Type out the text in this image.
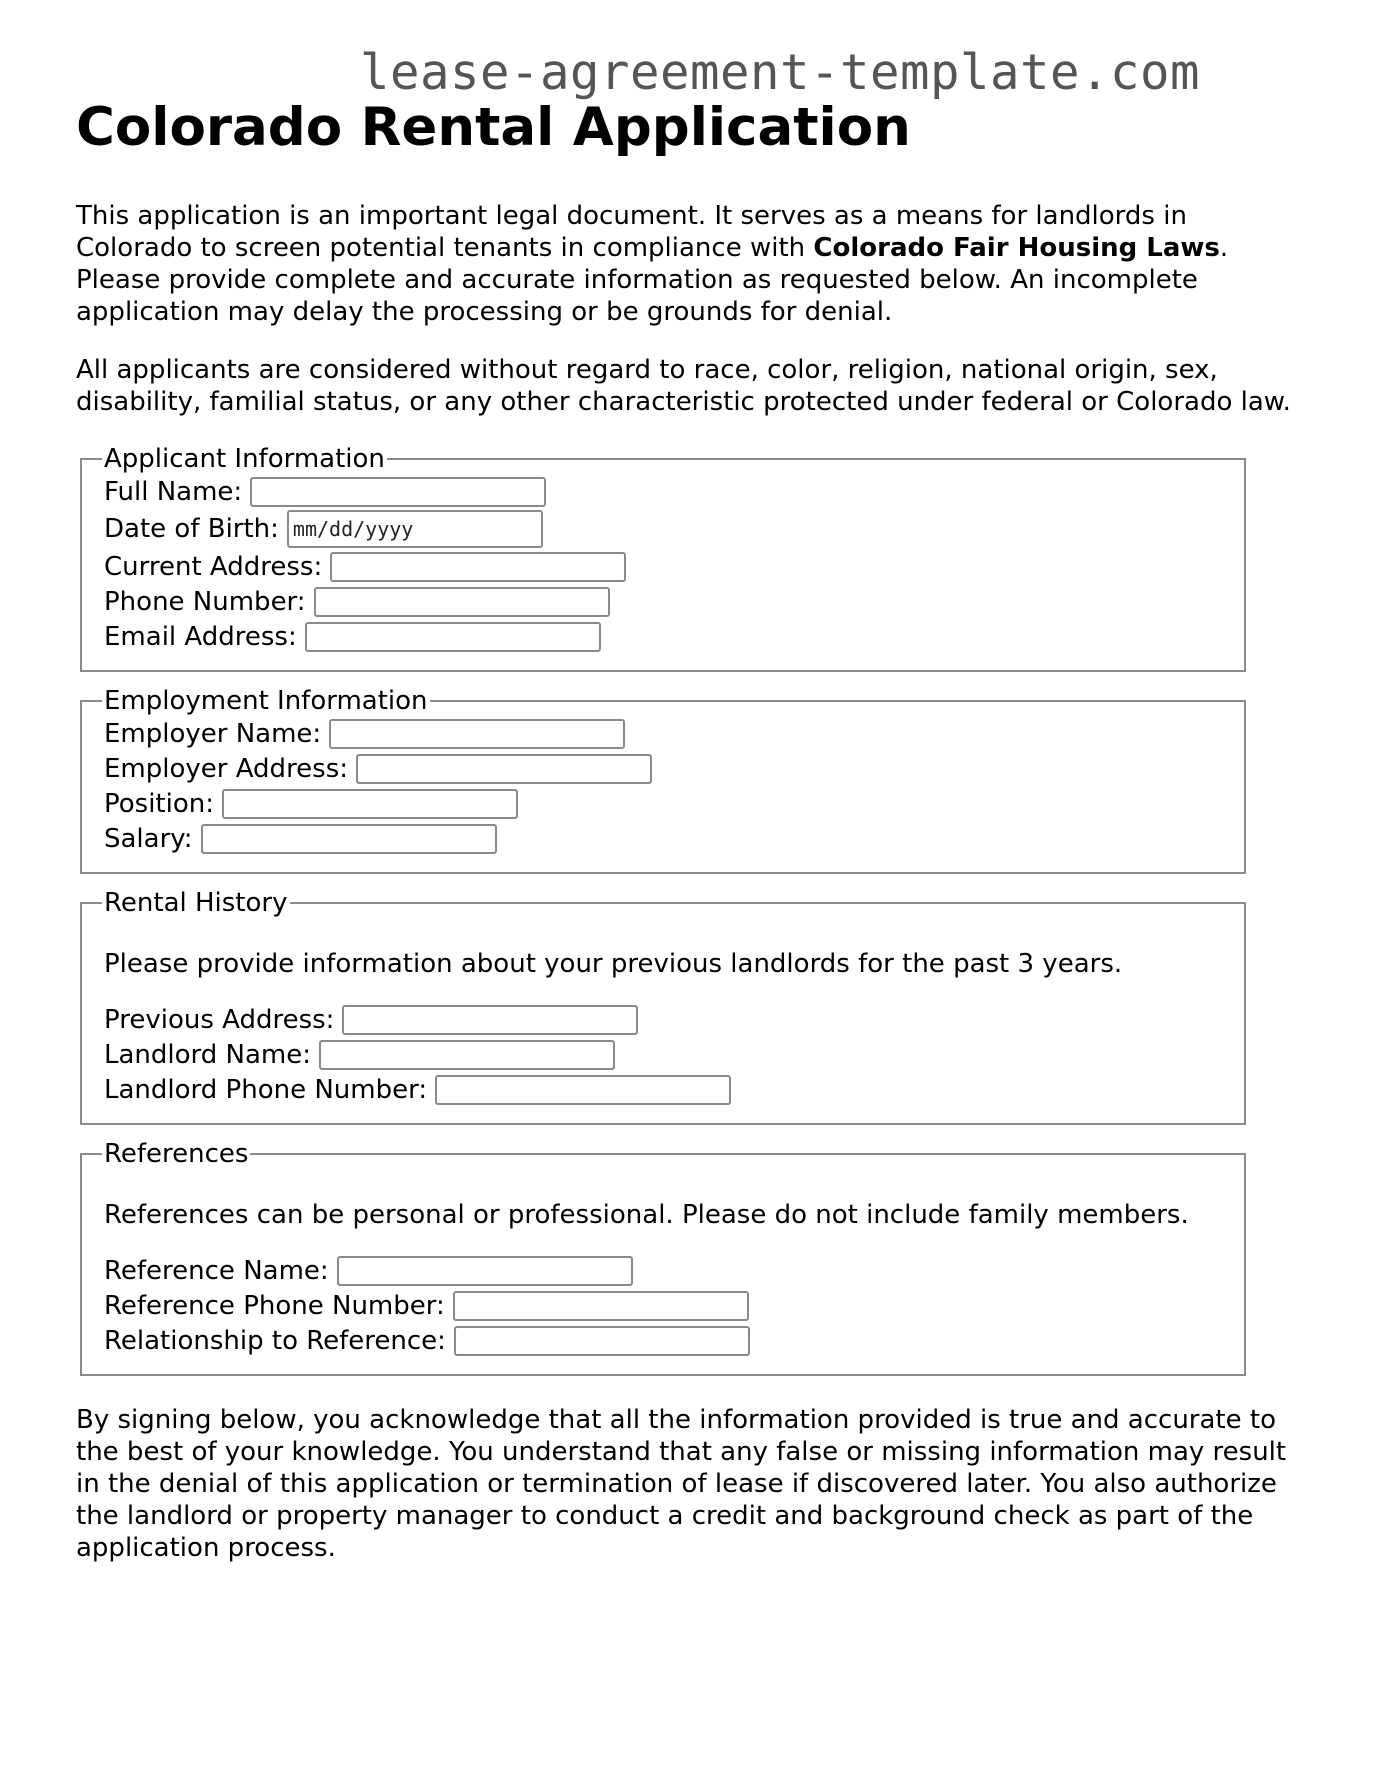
lease-agreement-template.com
Colorado Rental Application

This application is an important legal document. It serves as a means for landlords in Colorado to screen potential tenants in compliance with Colorado Fair Housing Laws. Please provide complete and accurate information as requested below. An incomplete application may delay the processing or be grounds for denial.

All applicants are considered without regard to race, color, religion, national origin, sex, disability, familial status, or any other characteristic protected under federal or Colorado law.

Applicant Information
Full Name:
Date of Birth:
mm/dd/yyyy
Current Address:
Phone Number:
Email Address:
Employment Information
Employer Name:
Employer Address:
Position:
Salary:
Rental History

Please provide information about your previous landlords for the past 3 years.

Previous Address:
Landlord Name:
Landlord Phone Number:
References

References can be personal or professional. Please do not include family members.

Reference Name:
Reference Phone Number:
Relationship to Reference:

By signing below, you acknowledge that all the information provided is true and accurate to the best of your knowledge. You understand that any false or missing information may result in the denial of this application or termination of lease if discovered later. You also authorize the landlord or property manager to conduct a credit and background check as part of the application process.
